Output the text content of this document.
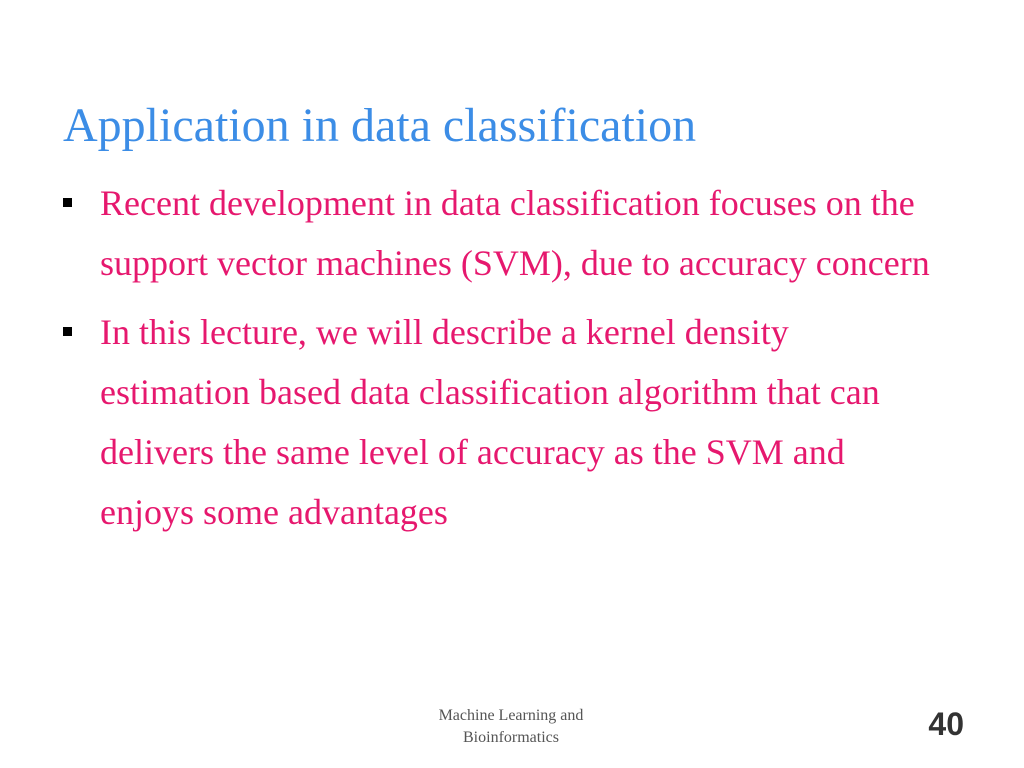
Application in data classification
Recent development in data classification focuses on the support vector machines (SVM), due to accuracy concern
In this lecture, we will describe a kernel density estimation based data classification algorithm that can delivers the same level of accuracy as the SVM and enjoys some advantages
Machine Learning and
Bioinformatics	40
